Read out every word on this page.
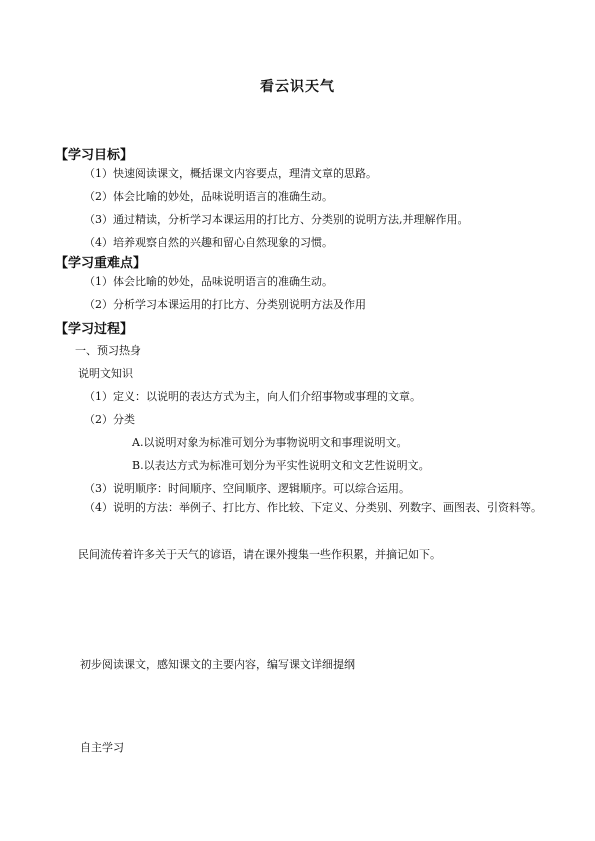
看云识天气
【学习目标】
（1）快速阅读课文，概括课文内容要点，理清文章的思路。
（2）体会比喻的妙处，品味说明语言的准确生动。
（3）通过精读，分析学习本课运用的打比方、分类别的说明方法,并理解作用。
（4）培养观察自然的兴趣和留心自然现象的习惯。
【学习重难点】
（1）体会比喻的妙处，品味说明语言的准确生动。
（2）分析学习本课运用的打比方、分类别说明方法及作用
【学习过程】
一、预习热身
说明文知识
（1）定义：以说明的表达方式为主，向人们介绍事物或事理的文章。
（2）分类
A.以说明对象为标准可划分为事物说明文和事理说明文。
B.以表达方式为标准可划分为平实性说明文和文艺性说明文。
（3）说明顺序：时间顺序、空间顺序、逻辑顺序。可以综合运用。
（4）说明的方法：举例子、打比方、作比较、下定义、分类别、列数字、画图表、引资料等。
民间流传着许多关于天气的谚语，请在课外搜集一些作积累，并摘记如下。
初步阅读课文，感知课文的主要内容，编写课文详细提纲
自主学习
